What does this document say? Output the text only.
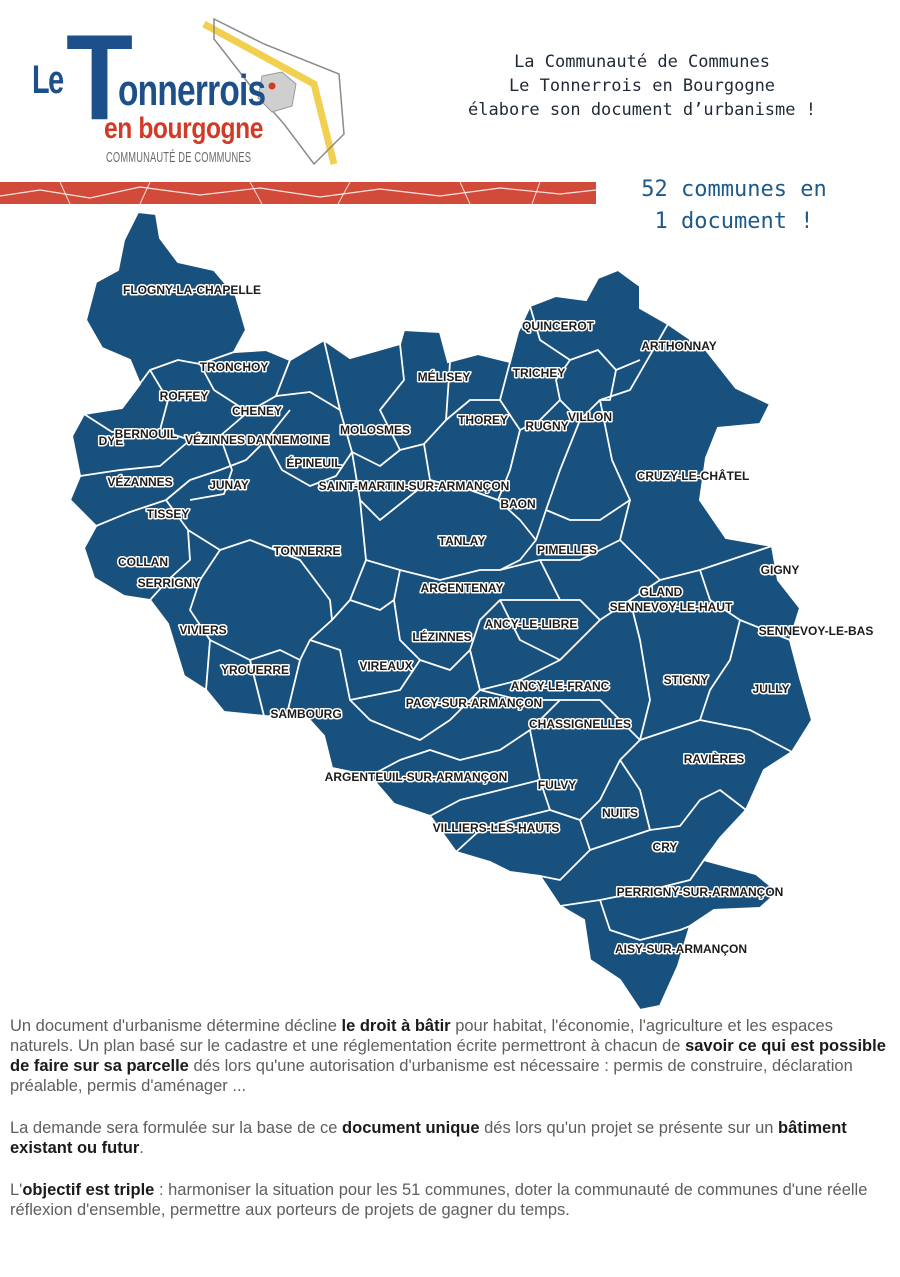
Le T
onnerrois
en bourgogne
COMMUNAUTÉ DE COMMUNES
La Communauté de Communes
Le Tonnerrois en Bourgogne
élabore son document d’urbanisme !
52 communes en
1 document !
FLOGNY-LA-CHAPELLE
QUINCEROT
ARTHONNAY
TRONCHOY
MÉLISEY	TRICHEY
ROFFEY
CHENEY
THOREY RUGNY
VILLON
DYÉ
BERNOUIL VÉZINNES DANNEMOINE
MOLOSMES
ÉPINEUIL
CRUZY-LE-CHÂTEL
VÉZANNES	JUNAY	SAINT-MARTIN-SUR-ARMANÇON
BAON
TISSEY
TANLAY
PIMELLES
TONNERRE
COLLAN
SERRIGNY
GIGNY
ARGENTENAY	GLAND
SENNEVOY-LE-HAUT
SENNEVOY-LE-BAS
VIVIERS	ANCY-LE-LIBRE
LÉZINNES
YROUERRE	VIREAUX
STIGNY
JULLY
ANCY-LE-FRANC
SAMBOURG
PACY-SUR-ARMANÇON
CHASSIGNELLES
RAVIÈRES
ARGENTEUIL-SUR-ARMANÇON
FULVY
NUITS
VILLIERS-LES-HAUTS
CRY
PERRIGNY-SUR-ARMANÇON
AISY-SUR-ARMANÇON

Un document d'urbanisme détermine décline le droit à bâtir pour habitat, l'économie, l'agriculture et les espaces naturels. Un plan basé sur le cadastre et une réglementation écrite permettront à chacun de savoir ce qui est possible de faire sur sa parcelle dés lors qu'une autorisation d'urbanisme est nécessaire : permis de construire, déclaration préalable, permis d'aménager ...

La demande sera formulée sur la base de ce document unique dés lors qu'un projet se présente sur un bâtiment existant ou futur.

L'objectif est triple : harmoniser la situation pour les 51 communes, doter la communauté de communes d'une réelle réflexion d'ensemble, permettre aux porteurs de projets de gagner du temps.
